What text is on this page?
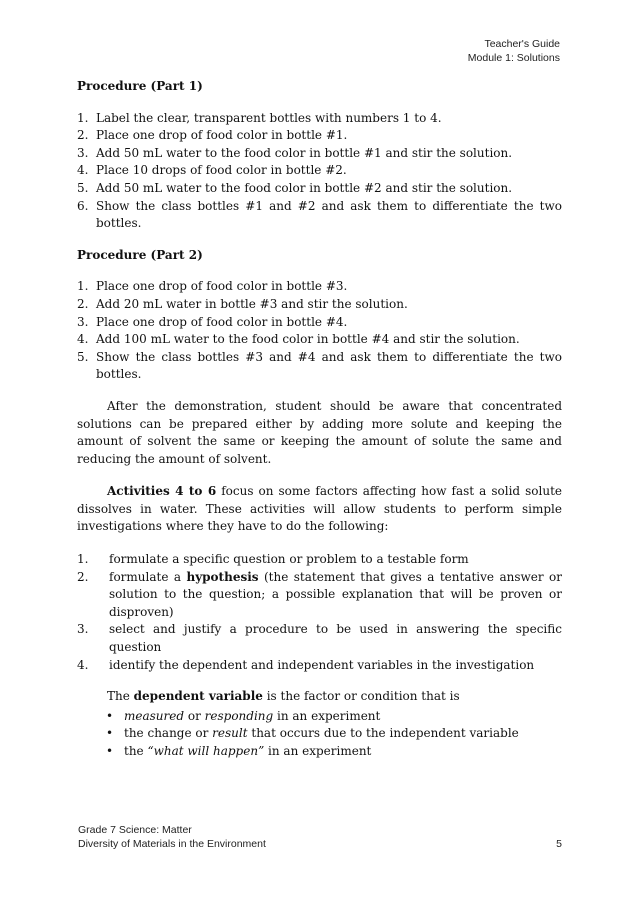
Teacher's Guide
Module 1: Solutions
Procedure (Part 1)
1. Label the clear, transparent bottles with numbers 1 to 4.
2. Place one drop of food color in bottle #1.
3. Add 50 mL water to the food color in bottle #1 and stir the solution.
4. Place 10 drops of food color in bottle #2.
5. Add 50 mL water to the food color in bottle #2 and stir the solution.
6. Show the class bottles #1 and #2 and ask them to differentiate the two bottles.
Procedure (Part 2)
1. Place one drop of food color in bottle #3.
2. Add 20 mL water in bottle #3 and stir the solution.
3. Place one drop of food color in bottle #4.
4. Add 100 mL water to the food color in bottle #4 and stir the solution.
5. Show the class bottles #3 and #4 and ask them to differentiate the two bottles.

After the demonstration, student should be aware that concentrated solutions can be prepared either by adding more solute and keeping the amount of solvent the same or keeping the amount of solute the same and reducing the amount of solvent.

Activities 4 to 6 focus on some factors affecting how fast a solid solute dissolves in water. These activities will allow students to perform simple investigations where they have to do the following:

1. formulate a specific question or problem to a testable form
2. formulate a hypothesis (the statement that gives a tentative answer or solution to the question; a possible explanation that will be proven or disproven)
3. select and justify a procedure to be used in answering the specific question
4. identify the dependent and independent variables in the investigation
The dependent variable is the factor or condition that is
• measured or responding in an experiment
• the change or result that occurs due to the independent variable
• the “what will happen” in an experiment
Grade 7 Science: Matter
Diversity of Materials in the Environment	5
